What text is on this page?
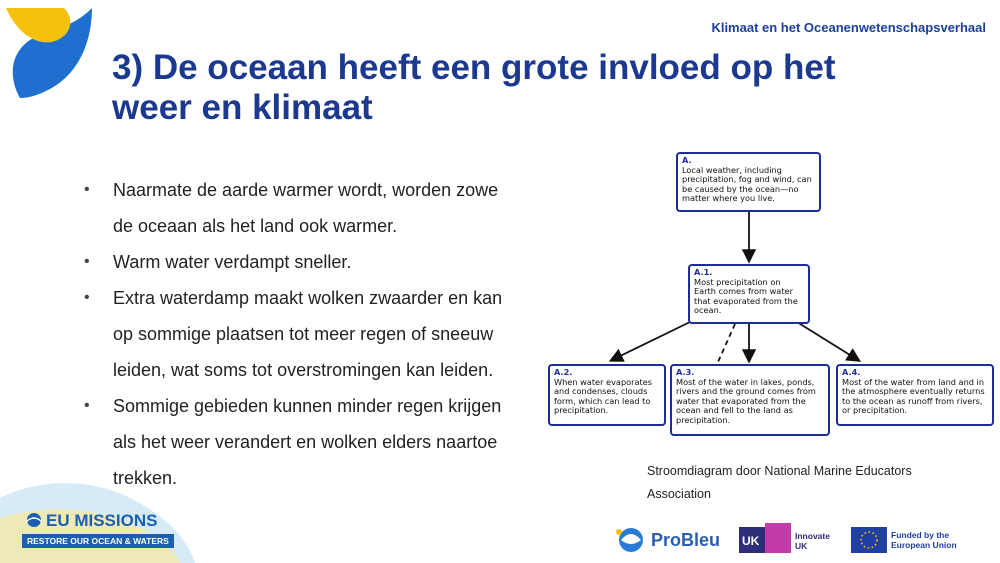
Klimaat en het Oceanenwetenschapsverhaal
3) De oceaan heeft een grote invloed op het weer en klimaat
• Naarmate de aarde warmer wordt, worden zowe
de oceaan als het land ook warmer.
• Warm water verdampt sneller.
• Extra waterdamp maakt wolken zwaarder en kan
op sommige plaatsen tot meer regen of sneeuw
leiden, wat soms tot overstromingen kan leiden.
• Sommige gebieden kunnen minder regen krijgen
als het weer verandert en wolken elders naartoe
trekken.
A.
Local weather, including precipitation, fog and wind, can be caused by the ocean—no matter where you live.
A.1.
Most precipitation on Earth comes from water that evaporated from the ocean.
A.2.
When water evaporates and condenses, clouds form, which can lead to precipitation.
A.3.
Most of the water in lakes, ponds, rivers and the ground comes from water that evaporated from the ocean and fell to the land as precipitation.
A.4.
Most of the water from land and in the atmosphere eventually returns to the ocean as runoff from rivers, or precipitation.
Stroomdiagram door National Marine Educators Association
EU MISSIONS
RESTORE OUR OCEAN & WATERS	ProBleu UK	Innovate UK
Funded by the European Union
